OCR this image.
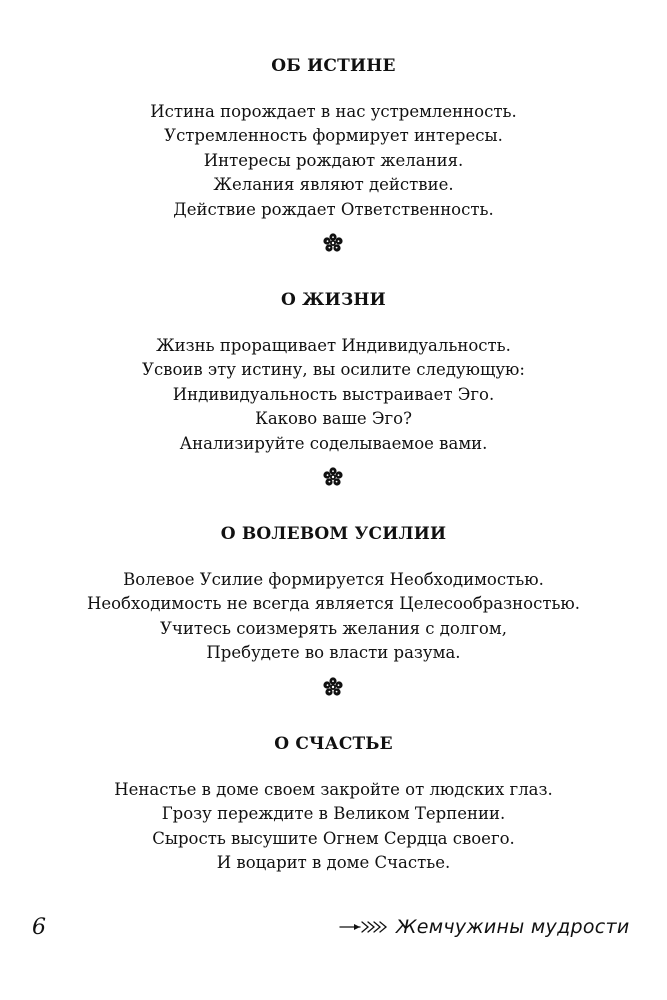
ОБ ИСТИНЕ
Истина порождает в нас устремленность.
Устремленность формирует интересы.
Интересы рождают желания.
Желания являют действие.
Действие рождает Ответственность.
О ЖИЗНИ
Жизнь проращивает Индивидуальность.
Усвоив эту истину, вы осилите следующую:
Индивидуальность выстраивает Эго.
Каково ваше Эго?
Анализируйте соделываемое вами.
О ВОЛЕВОМ УСИЛИИ
Волевое Усилие формируется Необходимостью.
Необходимость не всегда является Целесообразностью.
Учитесь соизмерять желания с долгом,
Пребудете во власти разума.
О СЧАСТЬЕ
Ненастье в доме своем закройте от людских глаз.
Грозу переждите в Великом Терпении.
Сырость высушите Огнем Сердца своего.
И воцарит в доме Счастье.
6	Жемчужины мудрости
